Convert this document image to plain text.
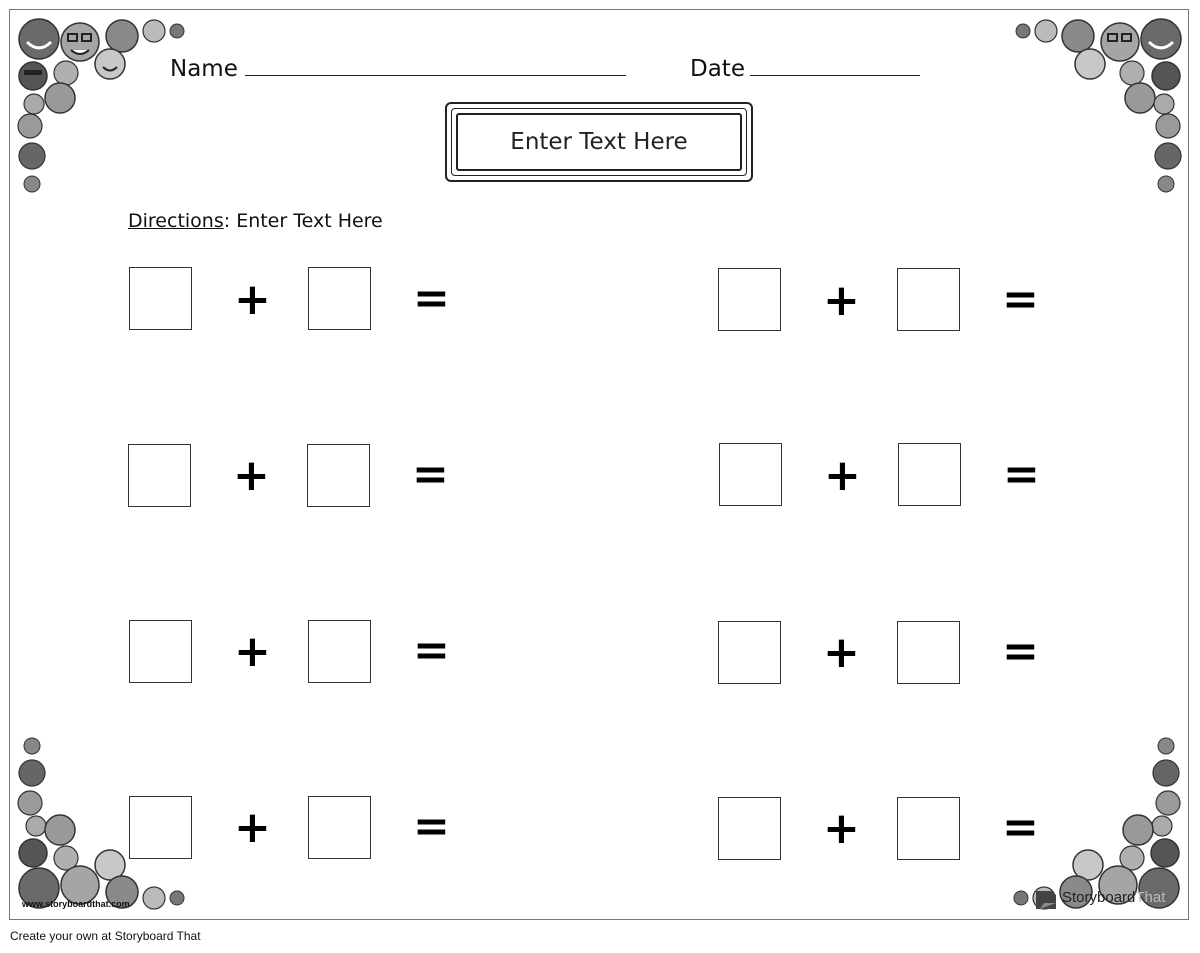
Name	Date
Enter Text Here
Directions: Enter Text Here
+	=
+	=
+	=
+	=
+	=
+	=
+	=
+	=
www.storyboardthat.com	StoryboardThat
Create your own at Storyboard That
